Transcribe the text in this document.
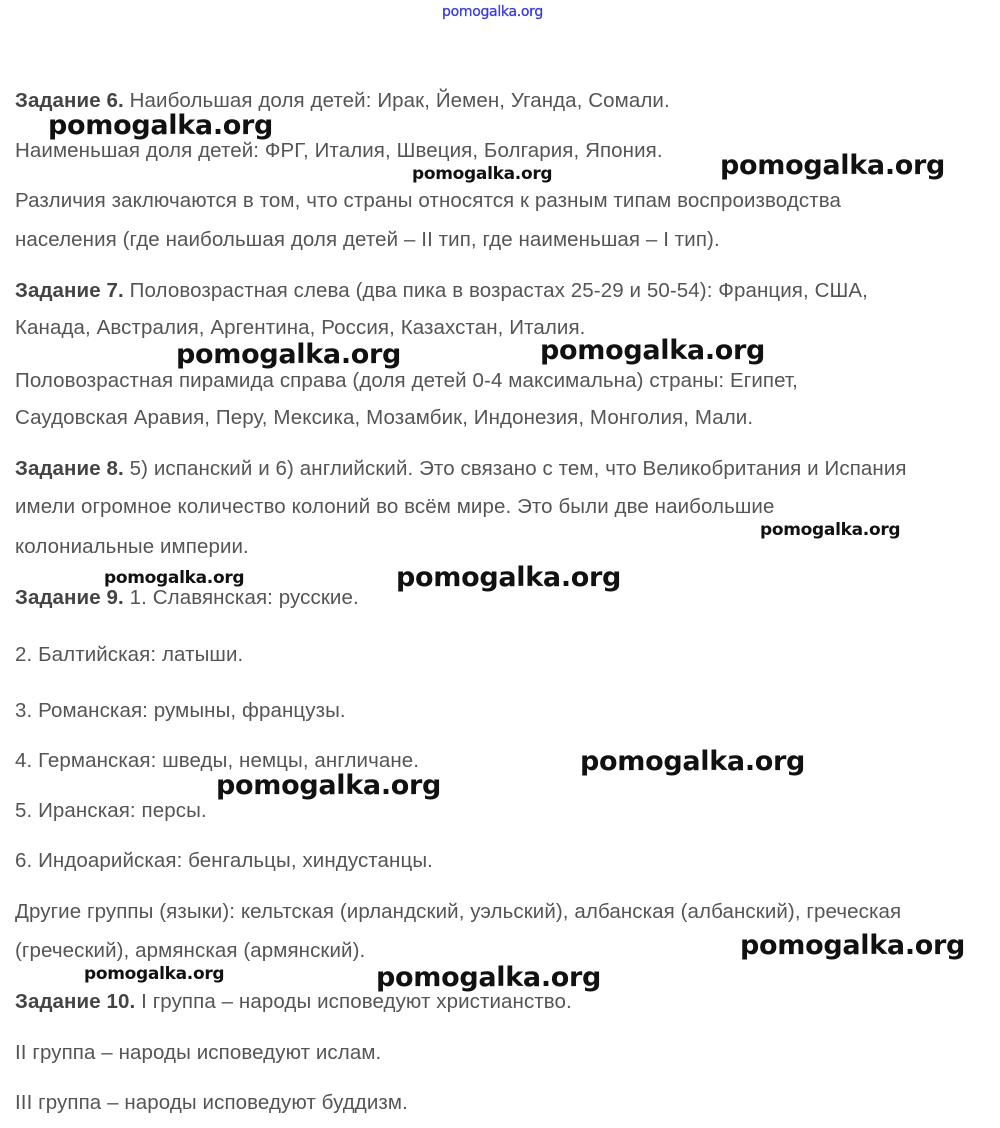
Задание 6. Наибольшая доля детей: Ирак, Йемен, Уганда, Сомали.
Наименьшая доля детей: ФРГ, Италия, Швеция, Болгария, Япония.
Различия заключаются в том, что страны относятся к разным типам воспроизводства
населения (где наибольшая доля детей – II тип, где наименьшая – I тип).
Задание 7. Половозрастная слева (два пика в возрастах 25-29 и 50-54): Франция, США,
Канада, Австралия, Аргентина, Россия, Казахстан, Италия.
Половозрастная пирамида справа (доля детей 0-4 максимальна) страны: Египет,
Саудовская Аравия, Перу, Мексика, Мозамбик, Индонезия, Монголия, Мали.
Задание 8. 5) испанский и 6) английский. Это связано с тем, что Великобритания и Испания
имели огромное количество колоний во всём мире. Это были две наибольшие
колониальные империи.
Задание 9. 1. Славянская: русские.
2. Балтийская: латыши.
3. Романская: румыны, французы.
4. Германская: шведы, немцы, англичане.
5. Иранская: персы.
6. Индоарийская: бенгальцы, хиндустанцы.
Другие группы (языки): кельтская (ирландский, уэльский), албанская (албанский), греческая
(греческий), армянская (армянский).
Задание 10. I группа – народы исповедуют христианство.
II группа – народы исповедуют ислам.
III группа – народы исповедуют буддизм.
pomogalka.org
pomogalka.org
pomogalka.org	pomogalka.org
pomogalka.org	pomogalka.org
pomogalka.org
pomogalka.org	pomogalka.org
pomogalka.org
pomogalka.org
pomogalka.org
pomogalka.org	pomogalka.org
